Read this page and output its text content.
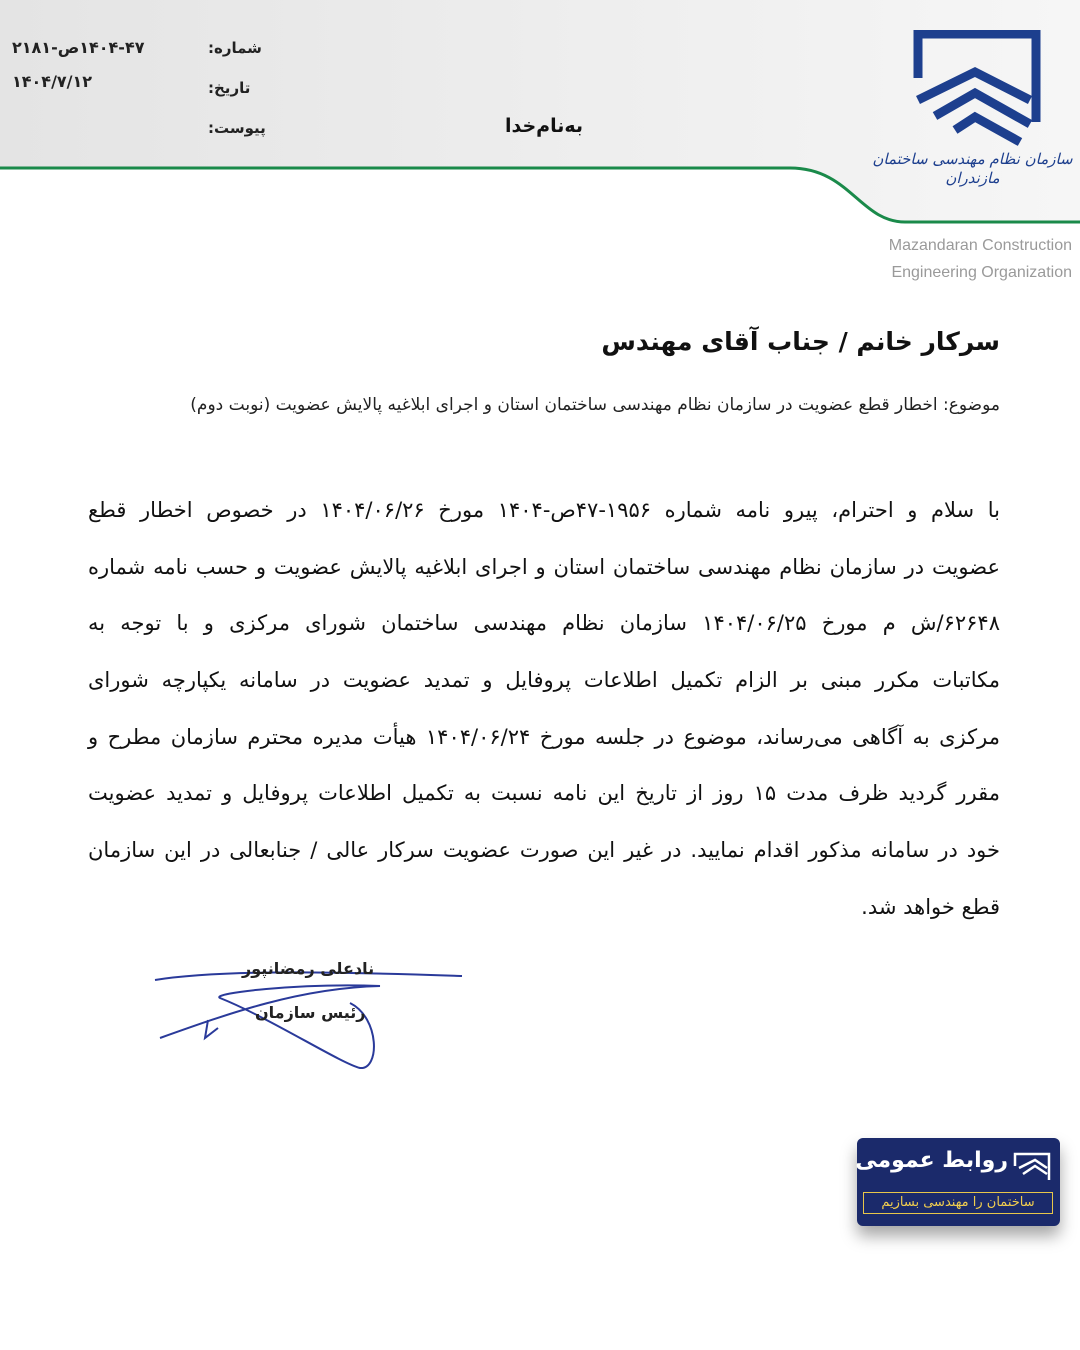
شماره:
۱۴۰۴-۴۷ص-۲۱۸۱
تاریخ:
۱۴۰۴/۷/۱۲
پیوست:	به‌نام‌خدا
سازمان نظام مهندسی ساختمان مازندران
Mazandaran Construction
Engineering Organization
سرکار خانم / جناب آقای مهندس
موضوع: اخطار قطع عضویت در سازمان نظام مهندسی ساختمان استان و اجرای ابلاغیه پالایش عضویت (نوبت دوم)
با سلام و احترام، پیرو نامه شماره ۱۹۵۶-۴۷ص-۱۴۰۴ مورخ ۱۴۰۴/۰۶/۲۶ در خصوص اخطار قطع
عضویت در سازمان نظام مهندسی ساختمان استان و اجرای ابلاغیه پالایش عضویت و حسب نامه شماره
۶۲۶۴۸/ش م مورخ ۱۴۰۴/۰۶/۲۵ سازمان نظام مهندسی ساختمان شورای مرکزی و با توجه به
مکاتبات مکرر مبنی بر الزام تکمیل اطلاعات پروفایل و تمدید عضویت در سامانه یکپارچه شورای
مرکزی به آگاهی می‌رساند، موضوع در جلسه مورخ ۱۴۰۴/۰۶/۲۴ هیأت مدیره محترم سازمان مطرح و
مقرر گردید ظرف مدت ۱۵ روز از تاریخ این نامه نسبت به تکمیل اطلاعات پروفایل و تمدید عضویت
خود در سامانه مذکور اقدام نمایید. در غیر این صورت عضویت سرکار عالی / جنابعالی در این سازمان
قطع خواهد شد.
نادعلی رمضانپور
رئیس سازمان
روابط عمومی
ساختمان را مهندسی بسازیم
